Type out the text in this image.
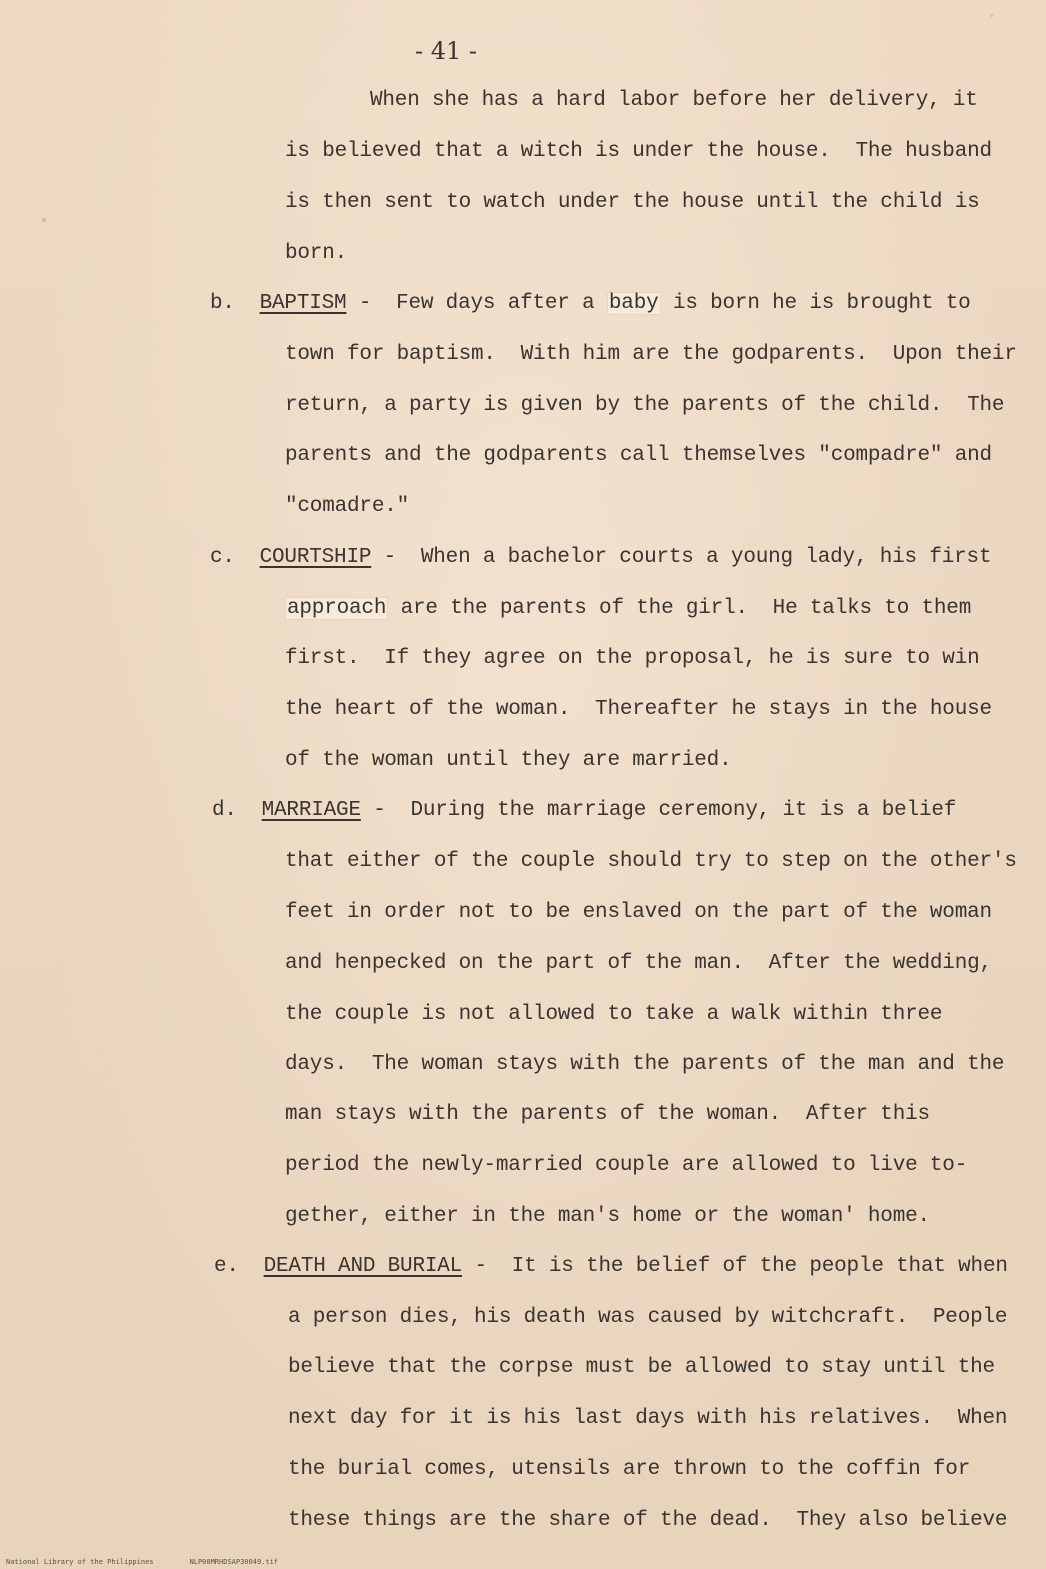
- 41 -
When she has a hard labor before her delivery, it
is believed that a witch is under the house.  The husband
is then sent to watch under the house until the child is
born.
b. BAPTISM -  Few days after a baby is born he is brought to
town for baptism.  With him are the godparents.  Upon their
return, a party is given by the parents of the child.  The
parents and the godparents call themselves "compadre" and
"comadre."
c. COURTSHIP -  When a bachelor courts a young lady, his first
approach are the parents of the girl.  He talks to them
first.  If they agree on the proposal, he is sure to win
the heart of the woman.  Thereafter he stays in the house
of the woman until they are married.
d. MARRIAGE -  During the marriage ceremony, it is a belief
that either of the couple should try to step on the other's
feet in order not to be enslaved on the part of the woman
and henpecked on the part of the man.  After the wedding,
the couple is not allowed to take a walk within three
days.  The woman stays with the parents of the man and the
man stays with the parents of the woman.  After this
period the newly-married couple are allowed to live to-
gether, either in the man's home or the woman' home.
e. DEATH AND BURIAL -  It is the belief of the people that when
a person dies, his death was caused by witchcraft.  People
believe that the corpse must be allowed to stay until the
next day for it is his last days with his relatives.  When
the burial comes, utensils are thrown to the coffin for
these things are the share of the dead.  They also believe
National Library of the Philippines	NLP00MRHDSAP30049.tif
